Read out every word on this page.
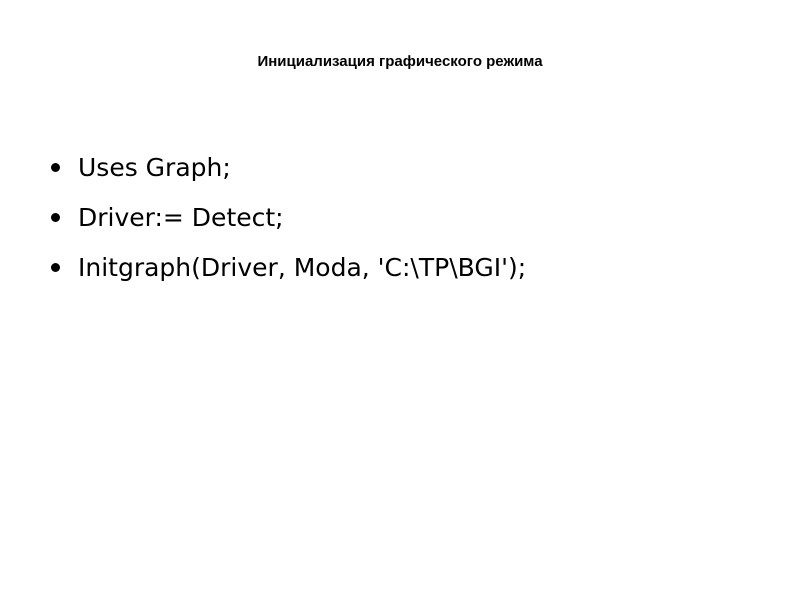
Инициализация графического режима
Uses Graph;
Driver:= Detect;
Initgraph(Driver, Moda, 'C:\TP\BGI');
